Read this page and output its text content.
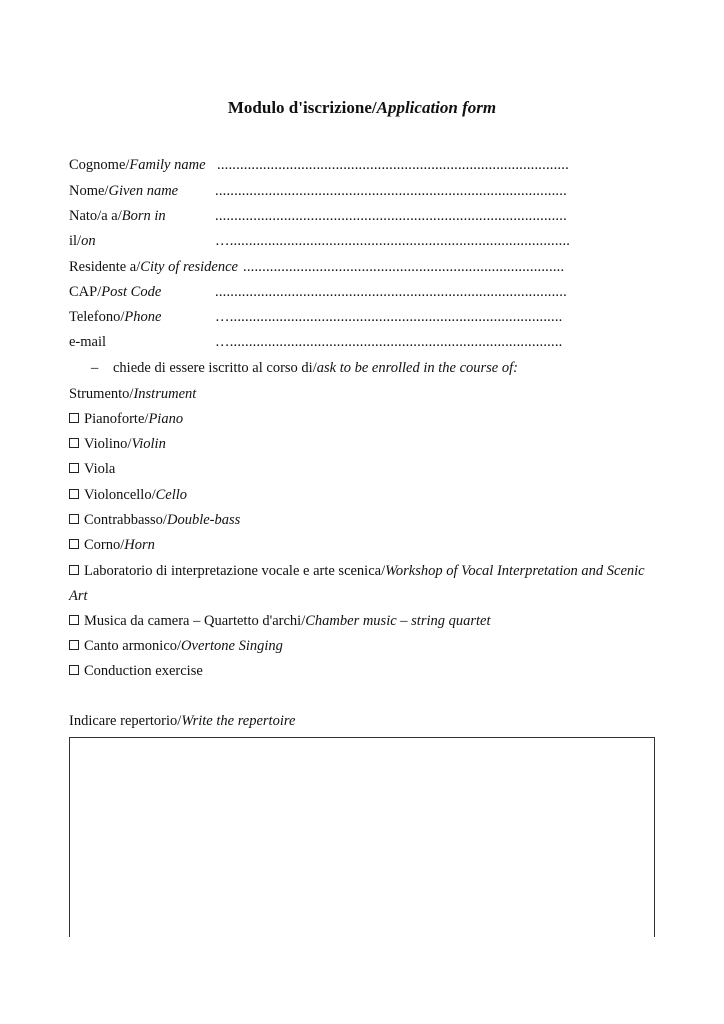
Modulo d'iscrizione/Application form
Cognome/Family name ............................................................................................
Nome/Given name	............................................................................................
Nato/a a/Born in	............................................................................................
il/on	….........................................................................................
Residente a/City of residence ....................................................................................
CAP/Post Code	............................................................................................
Telefono/Phone	….......................................................................................
e-mail	….......................................................................................
– chiede di essere iscritto al corso di/ask to be enrolled in the course of:
Strumento/Instrument
Pianoforte/Piano
Violino/Violin
Viola
Violoncello/Cello
Contrabbasso/Double-bass
Corno/Horn
Laboratorio di interpretazione vocale e arte scenica/Workshop of Vocal Interpretation and Scenic
Art
Musica da camera – Quartetto d'archi/Chamber music – string quartet
Canto armonico/Overtone Singing
Conduction exercise
Indicare repertorio/Write the repertoire
